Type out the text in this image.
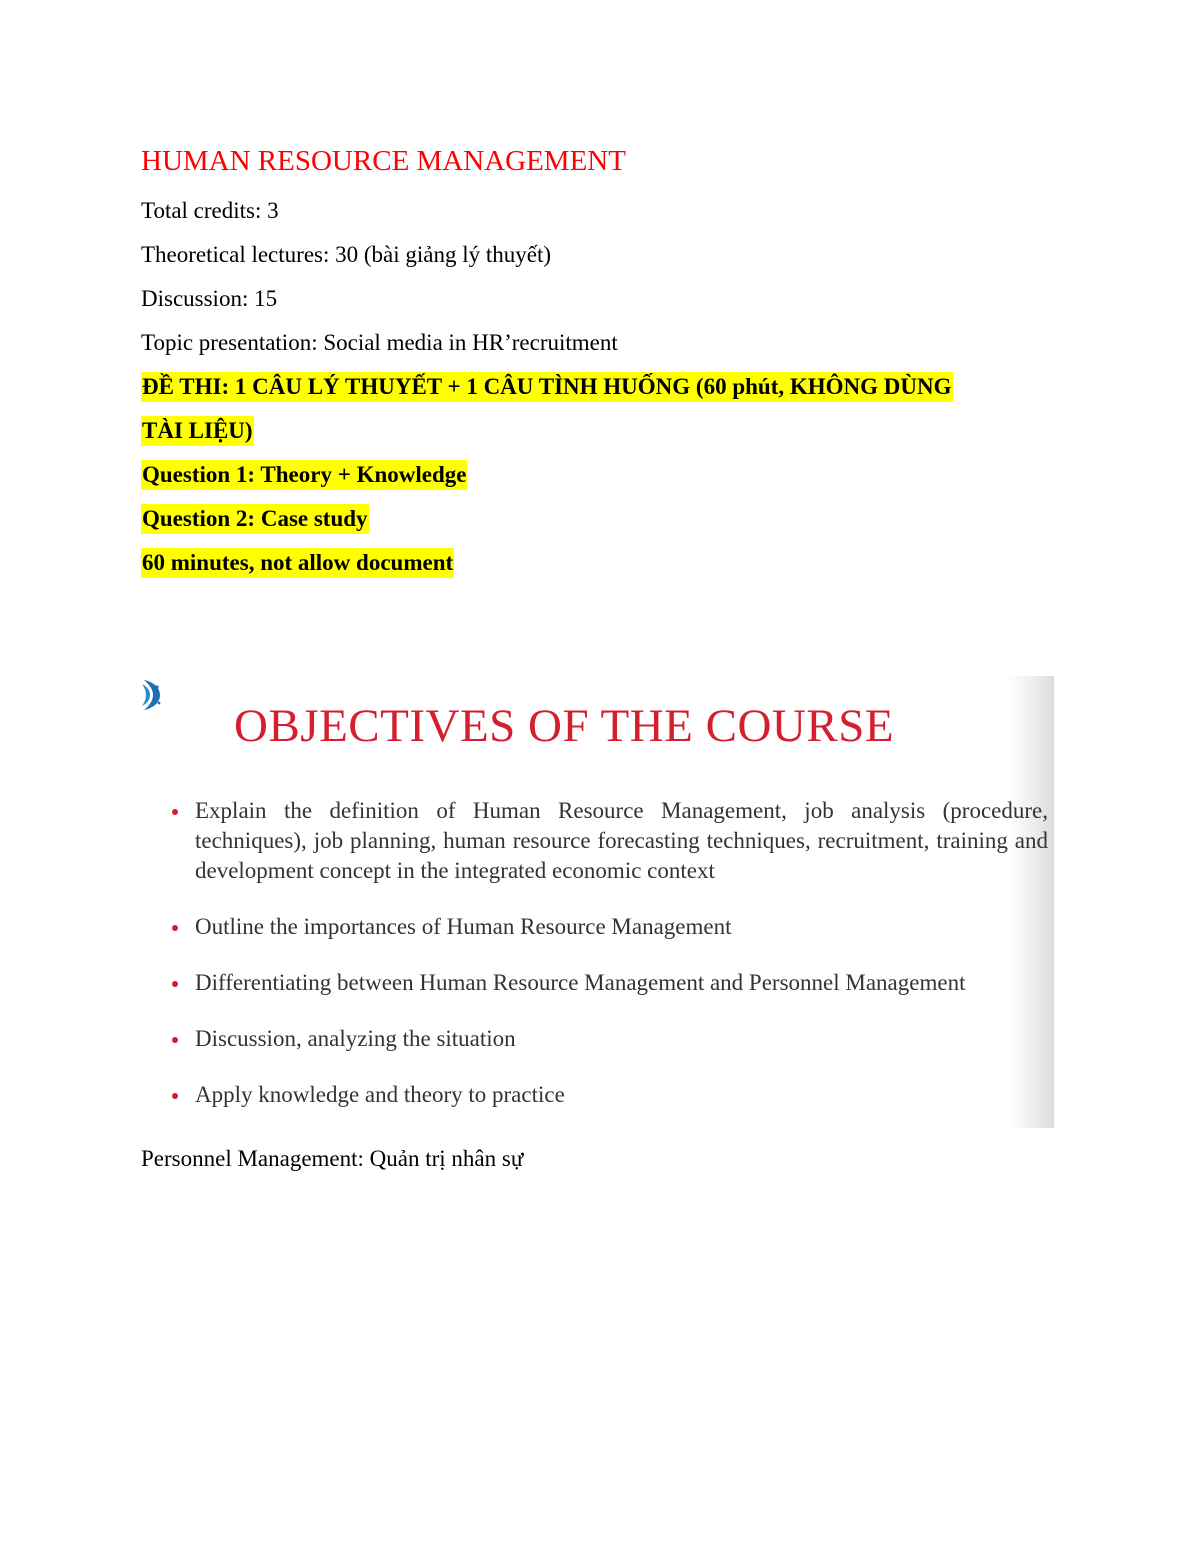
HUMAN RESOURCE MANAGEMENT
Total credits: 3
Theoretical lectures: 30 (bài giảng lý thuyết)
Discussion: 15
Topic presentation: Social media in HR’recruitment
ĐỀ THI: 1 CÂU LÝ THUYẾT + 1 CÂU TÌNH HUỐNG (60 phút, KHÔNG DÙNG
TÀI LIỆU)
Question 1: Theory + Knowledge
Question 2: Case study
60 minutes, not allow document
OBJECTIVES OF THE COURSE
Explain the definition of Human Resource Management, job analysis (procedure, techniques), job planning, human resource forecasting techniques, recruitment, training and development concept in the integrated economic context
Outline the importances of Human Resource Management
Differentiating between Human Resource Management and Personnel Management
Discussion, analyzing the situation
Apply knowledge and theory to practice
Personnel Management: Quản trị nhân sự
